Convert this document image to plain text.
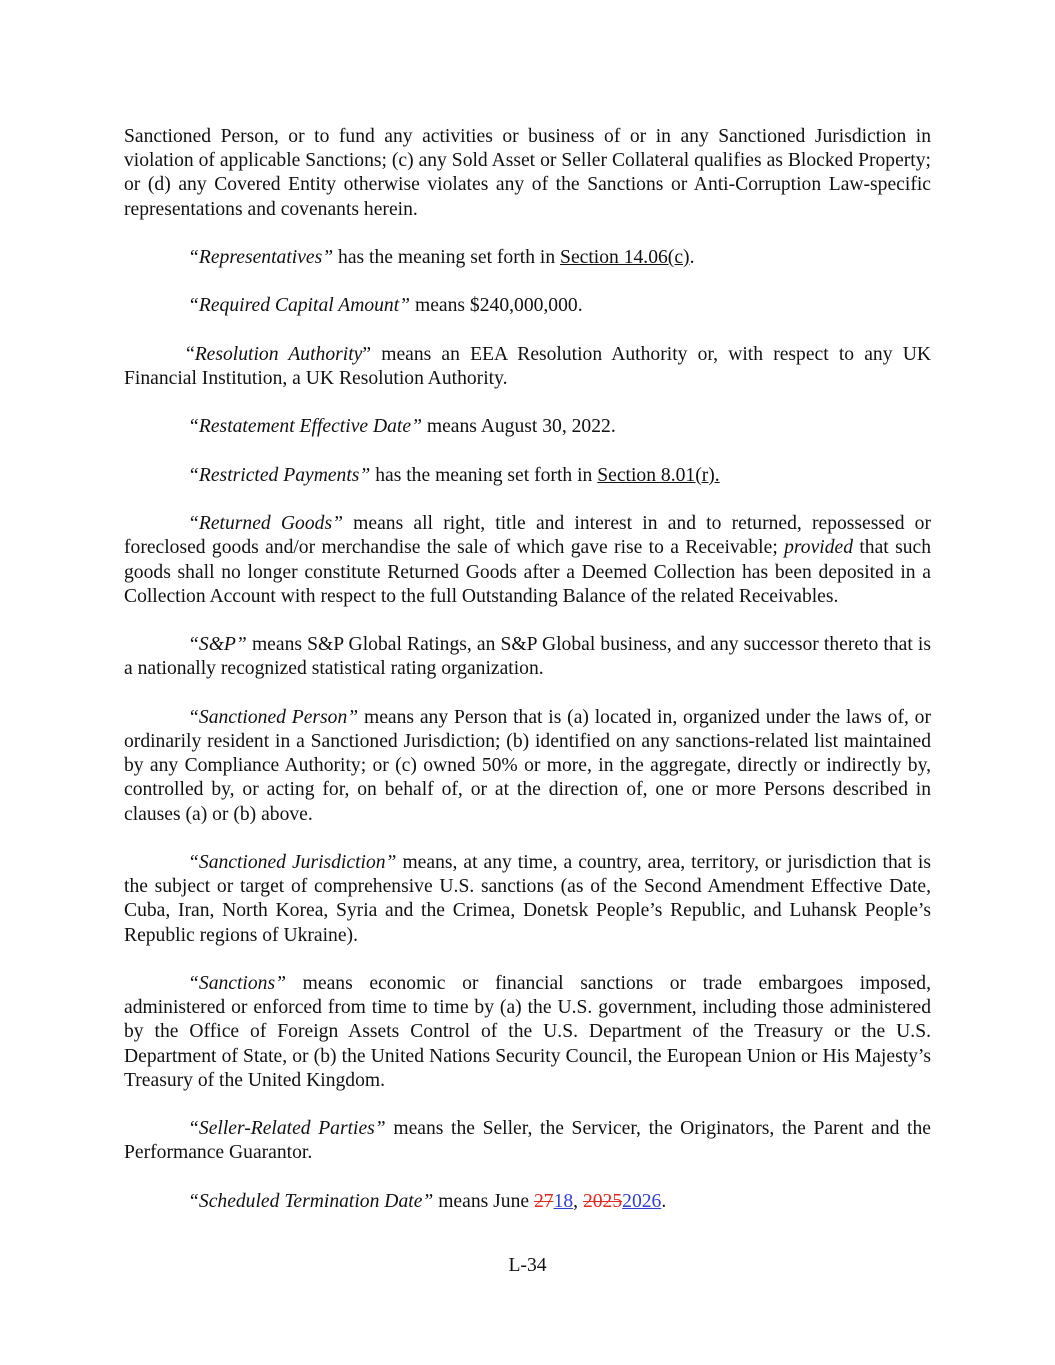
Sanctioned Person, or to fund any activities or business of or in any Sanctioned Jurisdiction in violation of applicable Sanctions; (c) any Sold Asset or Seller Collateral qualifies as Blocked Property; or (d) any Covered Entity otherwise violates any of the Sanctions or Anti-Corruption Law-specific representations and covenants herein.

“Representatives” has the meaning set forth in Section 14.06(c).

“Required Capital Amount” means $240,000,000.

“Resolution Authority” means an EEA Resolution Authority or, with respect to any UK Financial Institution, a UK Resolution Authority.

“Restatement Effective Date” means August 30, 2022.

“Restricted Payments” has the meaning set forth in Section 8.01(r).

“Returned Goods” means all right, title and interest in and to returned, repossessed or foreclosed goods and/or merchandise the sale of which gave rise to a Receivable; provided that such goods shall no longer constitute Returned Goods after a Deemed Collection has been deposited in a Collection Account with respect to the full Outstanding Balance of the related Receivables.

“S&P” means S&P Global Ratings, an S&P Global business, and any successor thereto that is a nationally recognized statistical rating organization.

“Sanctioned Person” means any Person that is (a) located in, organized under the laws of, or ordinarily resident in a Sanctioned Jurisdiction; (b) identified on any sanctions-related list maintained by any Compliance Authority; or (c) owned 50% or more, in the aggregate, directly or indirectly by, controlled by, or acting for, on behalf of, or at the direction of, one or more Persons described in clauses (a) or (b) above.

“Sanctioned Jurisdiction” means, at any time, a country, area, territory, or jurisdiction that is the subject or target of comprehensive U.S. sanctions (as of the Second Amendment Effective Date, Cuba, Iran, North Korea, Syria and the Crimea, Donetsk People’s Republic, and Luhansk People’s Republic regions of Ukraine).

“Sanctions” means economic or financial sanctions or trade embargoes imposed, administered or enforced from time to time by (a) the U.S. government, including those administered by the Office of Foreign Assets Control of the U.S. Department of the Treasury or the U.S. Department of State, or (b) the United Nations Security Council, the European Union or His Majesty’s Treasury of the United Kingdom.

“Seller-Related Parties” means the Seller, the Servicer, the Originators, the Parent and the Performance Guarantor.

“Scheduled Termination Date” means June 2718, 20252026.

L-34
